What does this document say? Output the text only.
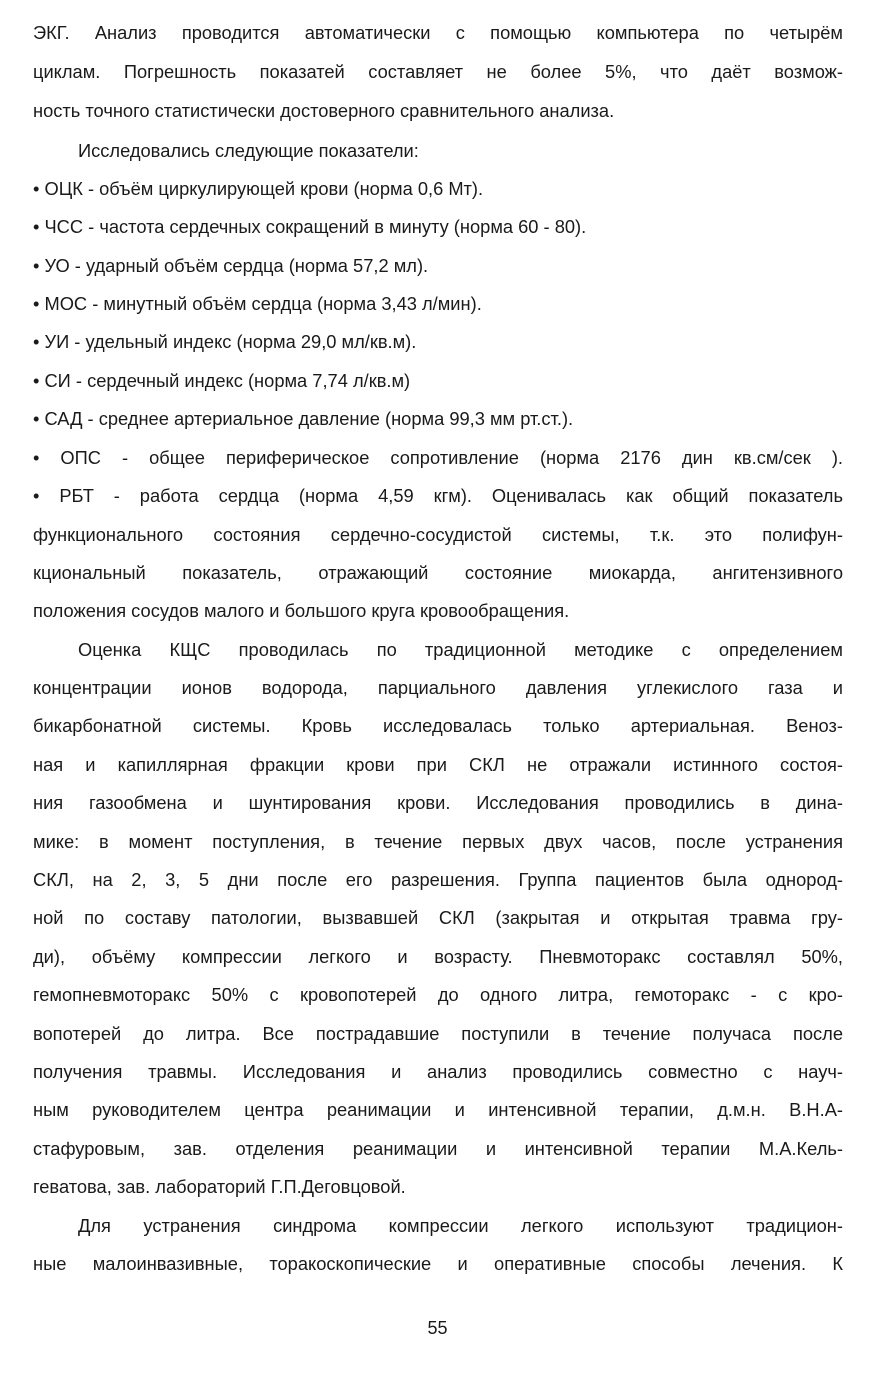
ЭКГ. Анализ проводится автоматически с помощью компьютера по четырём
циклам. Погрешность показатей составляет не более 5%, что даёт возмож-
ность точного статистически достоверного сравнительного анализа.
Исследовались следующие показатели:
• ОЦК - объём циркулирующей крови (норма 0,6 Мт).
• ЧСС - частота сердечных сокращений в минуту (норма 60 - 80).
• УО - ударный объём сердца (норма 57,2 мл).
• МОС - минутный объём сердца (норма 3,43 л/мин).
• УИ - удельный индекс (норма 29,0 мл/кв.м).
• СИ - сердечный индекс (норма 7,74 л/кв.м)
• САД - среднее артериальное давление (норма 99,3 мм рт.ст.).
• ОПС - общее периферическое сопротивление (норма 2176 дин кв.см/сек ).
• РБТ - работа сердца (норма 4,59 кгм). Оценивалась как общий показатель
функционального состояния сердечно-сосудистой системы, т.к. это полифун-
кциональный показатель, отражающий состояние миокарда, ангитензивного
положения сосудов малого и большого круга кровообращения.
Оценка КЩС проводилась по традиционной методике с определением
концентрации ионов водорода, парциального давления углекислого газа и
бикарбонатной системы. Кровь исследовалась только артериальная. Веноз-
ная и капиллярная фракции крови при СКЛ не отражали истинного состоя-
ния газообмена и шунтирования крови. Исследования проводились в дина-
мике: в момент поступления, в течение первых двух часов, после устранения
СКЛ, на 2, 3, 5 дни после его разрешения. Группа пациентов была однород-
ной по составу патологии, вызвавшей СКЛ (закрытая и открытая травма гру-
ди), объёму компрессии легкого и возрасту. Пневмоторакс составлял 50%,
гемопневмоторакс 50% с кровопотерей до одного литра, гемоторакс - с кро-
вопотерей до литра. Все пострадавшие поступили в течение получаса после
получения травмы. Исследования и анализ проводились совместно с науч-
ным руководителем центра реанимации и интенсивной терапии, д.м.н. В.Н.А-
стафуровым, зав. отделения реанимации и интенсивной терапии М.А.Кель-
геватова, зав. лабораторий Г.П.Деговцовой.
Для устранения синдрома компрессии легкого используют традицион-
ные малоинвазивные, торакоскопические и оперативные способы лечения. К
55
